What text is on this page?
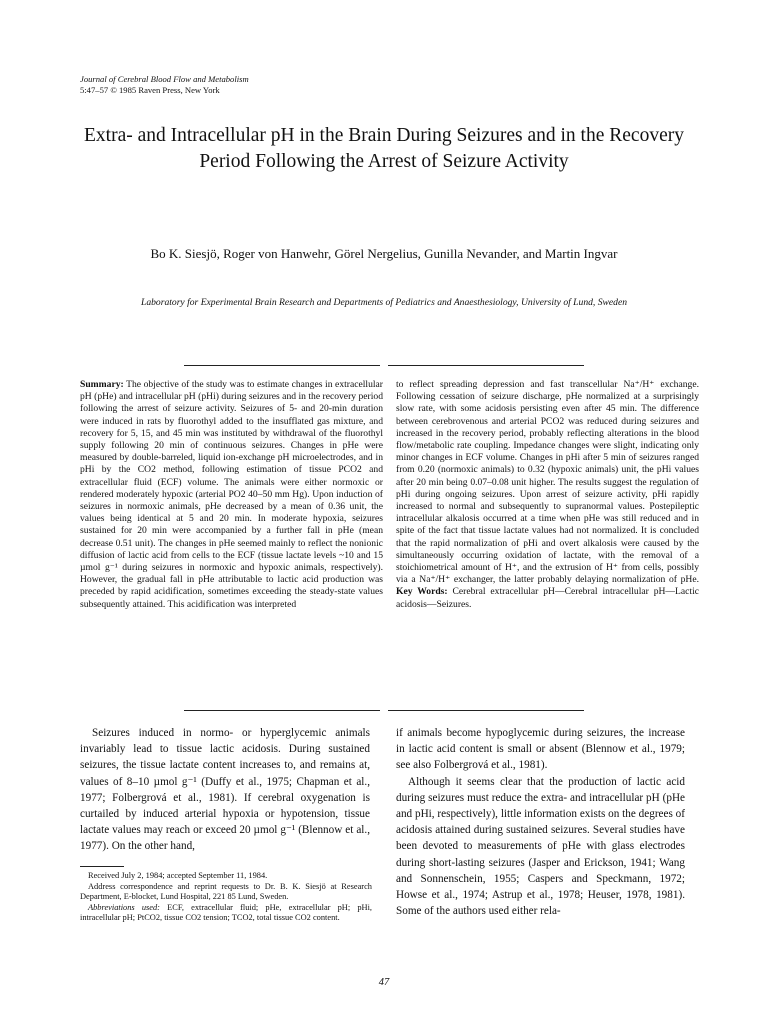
Journal of Cerebral Blood Flow and Metabolism
5:47–57 © 1985 Raven Press, New York
Extra- and Intracellular pH in the Brain During Seizures and in the Recovery Period Following the Arrest of Seizure Activity
Bo K. Siesjö, Roger von Hanwehr, Görel Nergelius, Gunilla Nevander, and Martin Ingvar
Laboratory for Experimental Brain Research and Departments of Pediatrics and Anaesthesiology, University of Lund, Sweden
Summary: The objective of the study was to estimate changes in extracellular pH (pHe) and intracellular pH (pHi) during seizures and in the recovery period following the arrest of seizure activity. Seizures of 5- and 20-min duration were induced in rats by fluorothyl added to the insufflated gas mixture, and recovery for 5, 15, and 45 min was instituted by withdrawal of the fluorothyl supply following 20 min of continuous seizures. Changes in pHe were measured by double-barreled, liquid ion-exchange pH microelectrodes, and in pHi by the CO2 method, following estimation of tissue PCO2 and extracellular fluid (ECF) volume. The animals were either normoxic or rendered moderately hypoxic (arterial PO2 40–50 mm Hg). Upon induction of seizures in normoxic animals, pHe decreased by a mean of 0.36 unit, the values being identical at 5 and 20 min. In moderate hypoxia, seizures sustained for 20 min were accompanied by a further fall in pHe (mean decrease 0.51 unit). The changes in pHe seemed mainly to reflect the nonionic diffusion of lactic acid from cells to the ECF (tissue lactate levels ~10 and 15 µmol g⁻¹ during seizures in normoxic and hypoxic animals, respectively). However, the gradual fall in pHe attributable to lactic acid production was preceded by rapid acidification, sometimes exceeding the steady-state values subsequently attained. This acidification was interpreted
to reflect spreading depression and fast transcellular Na⁺/H⁺ exchange. Following cessation of seizure discharge, pHe normalized at a surprisingly slow rate, with some acidosis persisting even after 45 min. The difference between cerebrovenous and arterial PCO2 was reduced during seizures and increased in the recovery period, probably reflecting alterations in the blood flow/metabolic rate coupling. Impedance changes were slight, indicating only minor changes in ECF volume. Changes in pHi after 5 min of seizures ranged from 0.20 (normoxic animals) to 0.32 (hypoxic animals) unit, the pHi values after 20 min being 0.07–0.08 unit higher. The results suggest the regulation of pHi during ongoing seizures. Upon arrest of seizure activity, pHi rapidly increased to normal and subsequently to supranormal values. Postepileptic intracellular alkalosis occurred at a time when pHe was still reduced and in spite of the fact that tissue lactate values had not normalized. It is concluded that the rapid normalization of pHi and overt alkalosis were caused by the simultaneously occurring oxidation of lactate, with the removal of a stoichiometrical amount of H⁺, and the extrusion of H⁺ from cells, possibly via a Na⁺/H⁺ exchanger, the latter probably delaying normalization of pHe. Key Words: Cerebral extracellular pH—Cerebral intracellular pH—Lactic acidosis—Seizures.

Seizures induced in normo- or hyperglycemic animals invariably lead to tissue lactic acidosis. During sustained seizures, the tissue lactate content increases to, and remains at, values of 8–10 µmol g⁻¹ (Duffy et al., 1975; Chapman et al., 1977; Folbergrová et al., 1981). If cerebral oxygenation is curtailed by induced arterial hypoxia or hypotension, tissue lactate values may reach or exceed 20 µmol g⁻¹ (Blennow et al., 1977). On the other hand,

if animals become hypoglycemic during seizures, the increase in lactic acid content is small or absent (Blennow et al., 1979; see also Folbergrová et al., 1981).

Although it seems clear that the production of lactic acid during seizures must reduce the extra- and intracellular pH (pHe and pHi, respectively), little information exists on the degrees of acidosis attained during sustained seizures. Several studies have been devoted to measurements of pHe with glass electrodes during short-lasting seizures (Jasper and Erickson, 1941; Wang and Sonnenschein, 1955; Caspers and Speckmann, 1972; Howse et al., 1974; Astrup et al., 1978; Heuser, 1978, 1981). Some of the authors used either rela-

Received July 2, 1984; accepted September 11, 1984.

Address correspondence and reprint requests to Dr. B. K. Siesjö at Research Department, E-blocket, Lund Hospital, 221 85 Lund, Sweden.

Abbreviations used: ECF, extracellular fluid; pHe, extracellular pH; pHi, intracellular pH; PtCO2, tissue CO2 tension; TCO2, total tissue CO2 content.

47
